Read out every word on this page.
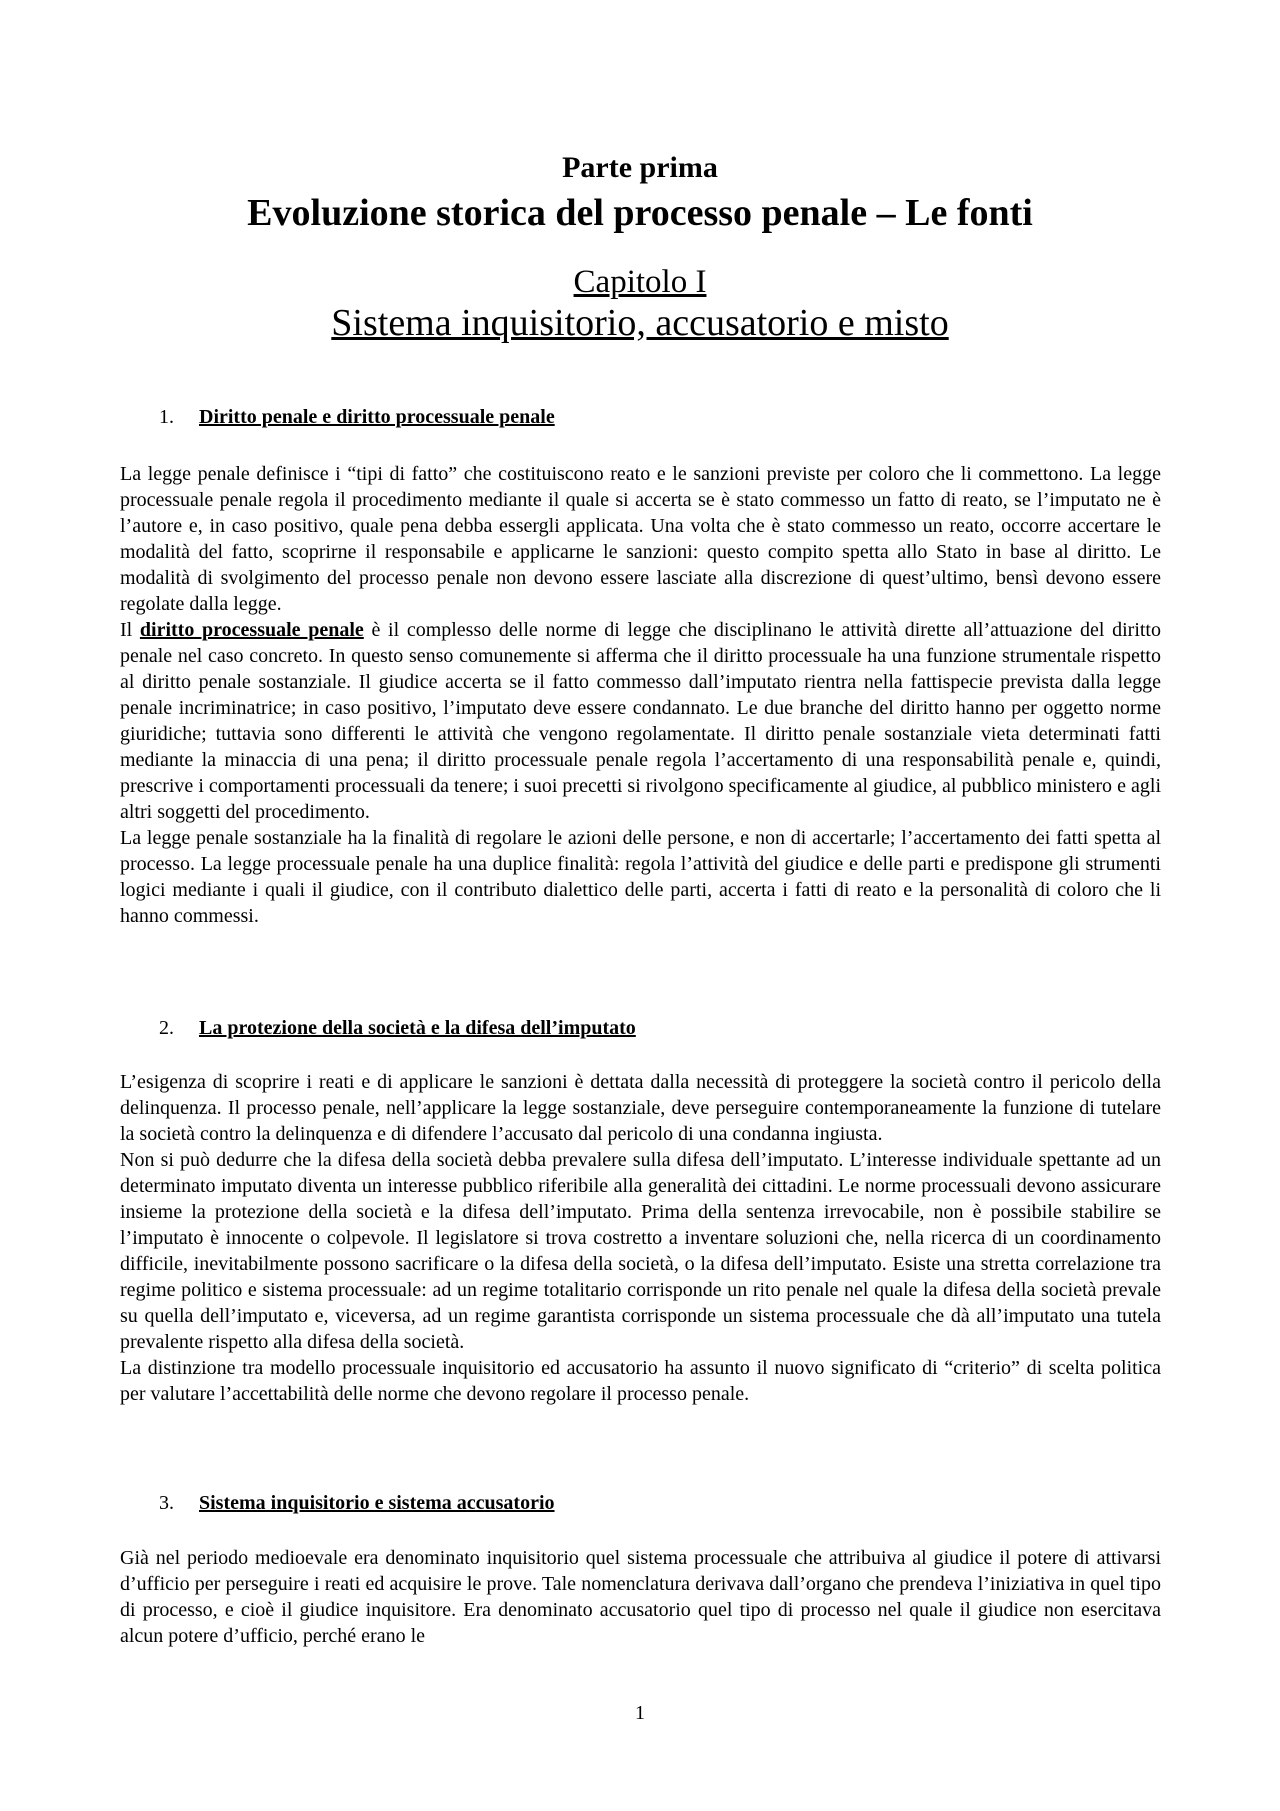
Parte prima
Evoluzione storica del processo penale – Le fonti
Capitolo I
Sistema inquisitorio, accusatorio e misto
1. Diritto penale e diritto processuale penale

La legge penale definisce i “tipi di fatto” che costituiscono reato e le sanzioni previste per coloro che li commettono. La legge processuale penale regola il procedimento mediante il quale si accerta se è stato commesso un fatto di reato, se l’imputato ne è l’autore e, in caso positivo, quale pena debba essergli applicata. Una volta che è stato commesso un reato, occorre accertare le modalità del fatto, scoprirne il responsabile e applicarne le sanzioni: questo compito spetta allo Stato in base al diritto. Le modalità di svolgimento del processo penale non devono essere lasciate alla discrezione di quest’ultimo, bensì devono essere regolate dalla legge.

Il diritto processuale penale è il complesso delle norme di legge che disciplinano le attività dirette all’attuazione del diritto penale nel caso concreto. In questo senso comunemente si afferma che il diritto processuale ha una funzione strumentale rispetto al diritto penale sostanziale. Il giudice accerta se il fatto commesso dall’imputato rientra nella fattispecie prevista dalla legge penale incriminatrice; in caso positivo, l’imputato deve essere condannato. Le due branche del diritto hanno per oggetto norme giuridiche; tuttavia sono differenti le attività che vengono regolamentate. Il diritto penale sostanziale vieta determinati fatti mediante la minaccia di una pena; il diritto processuale penale regola l’accertamento di una responsabilità penale e, quindi, prescrive i comportamenti processuali da tenere; i suoi precetti si rivolgono specificamente al giudice, al pubblico ministero e agli altri soggetti del procedimento.

La legge penale sostanziale ha la finalità di regolare le azioni delle persone, e non di accertarle; l’accertamento dei fatti spetta al processo. La legge processuale penale ha una duplice finalità: regola l’attività del giudice e delle parti e predispone gli strumenti logici mediante i quali il giudice, con il contributo dialettico delle parti, accerta i fatti di reato e la personalità di coloro che li hanno commessi.

2. La protezione della società e la difesa dell’imputato

L’esigenza di scoprire i reati e di applicare le sanzioni è dettata dalla necessità di proteggere la società contro il pericolo della delinquenza. Il processo penale, nell’applicare la legge sostanziale, deve perseguire contemporaneamente la funzione di tutelare la società contro la delinquenza e di difendere l’accusato dal pericolo di una condanna ingiusta.

Non si può dedurre che la difesa della società debba prevalere sulla difesa dell’imputato. L’interesse individuale spettante ad un determinato imputato diventa un interesse pubblico riferibile alla generalità dei cittadini. Le norme processuali devono assicurare insieme la protezione della società e la difesa dell’imputato. Prima della sentenza irrevocabile, non è possibile stabilire se l’imputato è innocente o colpevole. Il legislatore si trova costretto a inventare soluzioni che, nella ricerca di un coordinamento difficile, inevitabilmente possono sacrificare o la difesa della società, o la difesa dell’imputato. Esiste una stretta correlazione tra regime politico e sistema processuale: ad un regime totalitario corrisponde un rito penale nel quale la difesa della società prevale su quella dell’imputato e, viceversa, ad un regime garantista corrisponde un sistema processuale che dà all’imputato una tutela prevalente rispetto alla difesa della società.

La distinzione tra modello processuale inquisitorio ed accusatorio ha assunto il nuovo significato di “criterio” di scelta politica per valutare l’accettabilità delle norme che devono regolare il processo penale.

3. Sistema inquisitorio e sistema accusatorio

Già nel periodo medioevale era denominato inquisitorio quel sistema processuale che attribuiva al giudice il potere di attivarsi d’ufficio per perseguire i reati ed acquisire le prove. Tale nomenclatura derivava dall’organo che prendeva l’iniziativa in quel tipo di processo, e cioè il giudice inquisitore. Era denominato accusatorio quel tipo di processo nel quale il giudice non esercitava alcun potere d’ufficio, perché erano le

1
